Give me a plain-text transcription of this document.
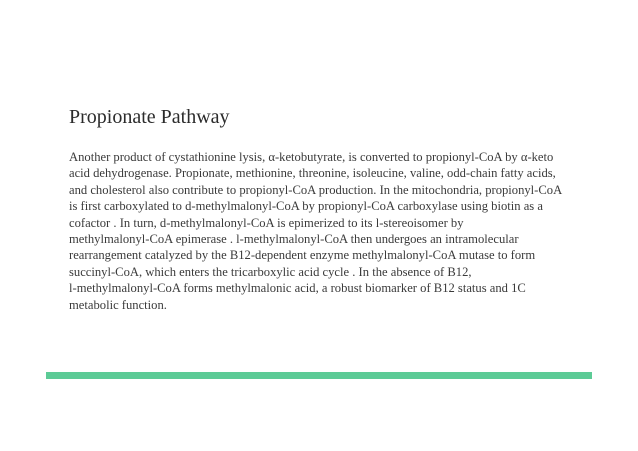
Propionate Pathway

Another product of cystathionine lysis, α-ketobutyrate, is converted to propionyl-CoA by α-keto
acid dehydrogenase. Propionate, methionine, threonine, isoleucine, valine, odd-chain fatty acids,
and cholesterol also contribute to propionyl-CoA production. In the mitochondria, propionyl-CoA
is first carboxylated to d-methylmalonyl-CoA by propionyl-CoA carboxylase using biotin as a
cofactor . In turn, d-methylmalonyl-CoA is epimerized to its l-stereoisomer by
methylmalonyl-CoA epimerase . l-methylmalonyl-CoA then undergoes an intramolecular
rearrangement catalyzed by the B12-dependent enzyme methylmalonyl-CoA mutase to form
succinyl-CoA, which enters the tricarboxylic acid cycle . In the absence of B12,
l-methylmalonyl-CoA forms methylmalonic acid, a robust biomarker of B12 status and 1C
metabolic function.
